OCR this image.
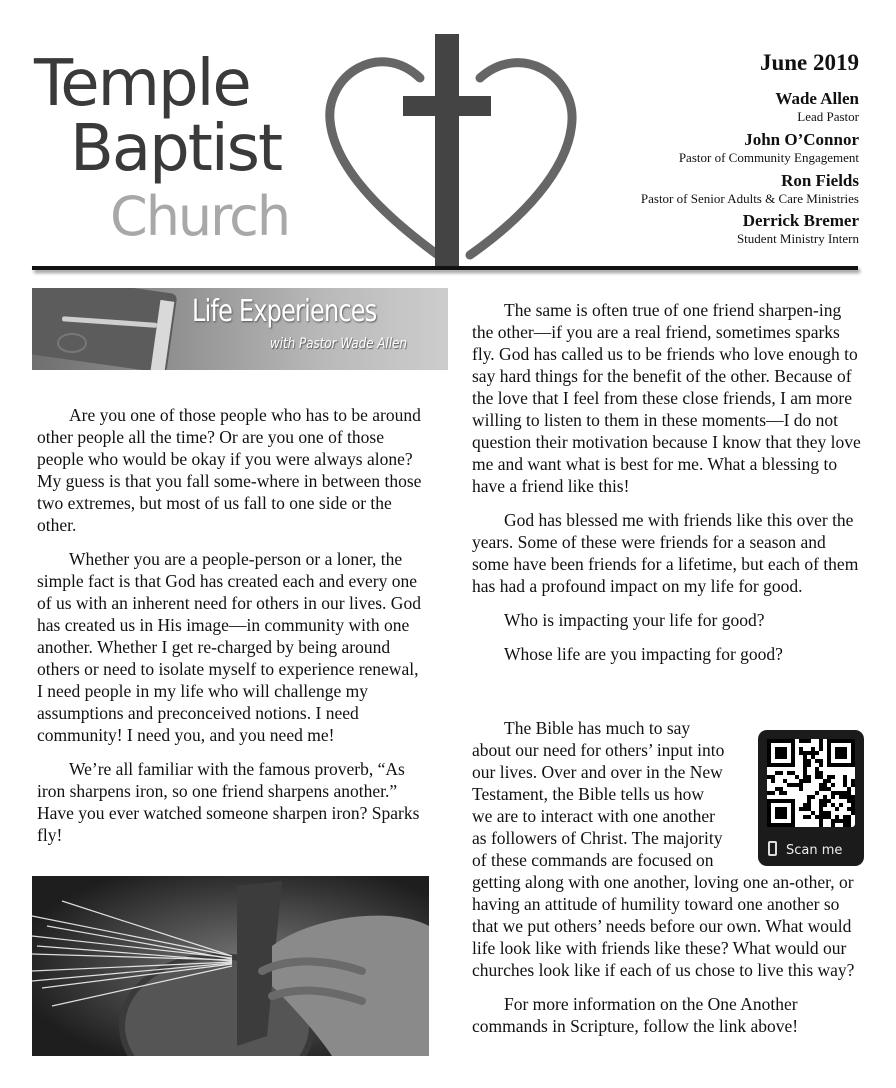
Temple
Baptist
Church
June 2019
Wade Allen
Lead Pastor
John O’Connor
Pastor of Community Engagement
Ron Fields
Pastor of Senior Adults & Care Ministries
Derrick Bremer
Student Ministry Intern
Life Experiences
with Pastor Wade Allen

Are you one of those people who has to be around other people all the time? Or are you one of those people who would be okay if you were always alone? My guess is that you fall some-where in between those two extremes, but most of us fall to one side or the other.

Whether you are a people-person or a loner, the simple fact is that God has created each and every one of us with an inherent need for others in our lives. God has created us in His image—in community with one another. Whether I get re-charged by being around others or need to isolate myself to experience renewal, I need people in my life who will challenge my assumptions and preconceived notions. I need community! I need you, and you need me!

We’re all familiar with the famous proverb, “As iron sharpens iron, so one friend sharpens another.” Have you ever watched someone sharpen iron? Sparks fly!

The same is often true of one friend sharpen-ing the other—if you are a real friend, sometimes sparks fly. God has called us to be friends who love enough to say hard things for the benefit of the other. Because of the love that I feel from these close friends, I am more willing to listen to them in these moments—I do not question their motivation because I know that they love me and want what is best for me. What a blessing to have a friend like this!

God has blessed me with friends like this over the years. Some of these were friends for a season and some have been friends for a lifetime, but each of them has had a profound impact on my life for good.

Who is impacting your life for good?

Whose life are you impacting for good?

The Bible has much to say
about our need for others’ input into
our lives. Over and over in the New
Testament, the Bible tells us how
we are to interact with one another
as followers of Christ. The majority
of these commands are focused on
getting along with one another, loving one an-other, or having an attitude of humility toward one another so that we put others’ needs before our own. What would life look like with friends like these? What would our churches look like if each of us chose to live this way?

For more information on the One Another commands in Scripture, follow the link above!

Scan me
